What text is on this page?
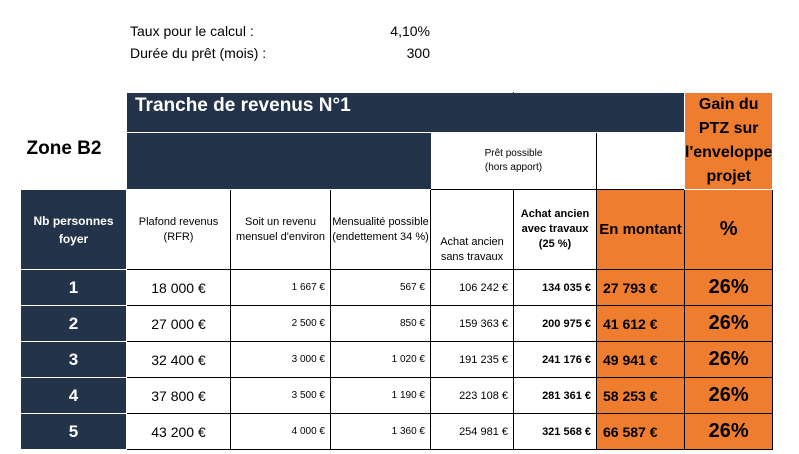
Taux pour le calcul :	4,10%
Durée du prêt (mois) :	300
Zone B2	Tranche de revenus N°1						Gain du PTZ sur
l'enveloppe projet

				Prêt possible
(hors apport)			

Nb personnes foyer	Plafond revenus (RFR)	Soit un revenu mensuel d'environ	Mensualité possible (endettement 34 %)	Achat ancien sans travaux	Achat ancien avec travaux (25 %)	En montant	%
1	18 000 €	1 667 €	567 €	106 242 €	134 035 €	27 793 €	26%
2	27 000 €	2 500 €	850 €	159 363 €	200 975 €	41 612 €	26%
3	32 400 €	3 000 €	1 020 €	191 235 €	241 176 €	49 941 €	26%
4	37 800 €	3 500 €	1 190 €	223 108 €	281 361 €	58 253 €	26%
5	43 200 €	4 000 €	1 360 €	254 981 €	321 568 €	66 587 €	26%
